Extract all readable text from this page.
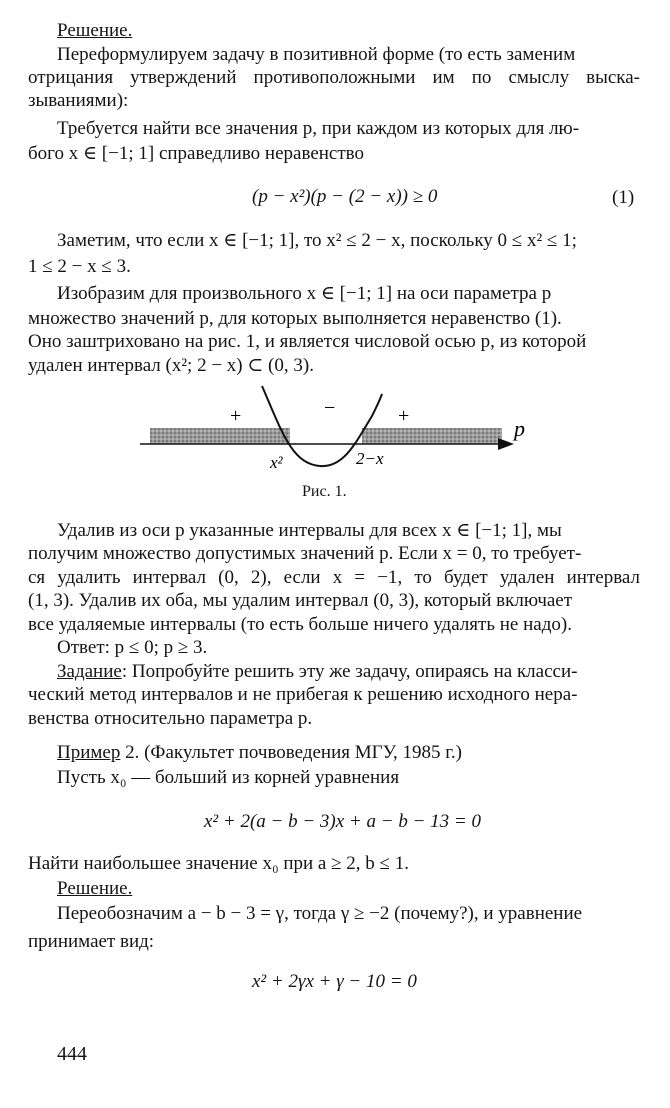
Решение.
Переформулируем задачу в позитивной форме (то есть заменим
отрицания утверждений противоположными им по смыслу выска-
зываниями):
Требуется найти все значения p, при каждом из которых для лю-
бого x ∈ [−1; 1] справедливо неравенство
(p − x²)(p − (2 − x)) ≥ 0	(1)
Заметим, что если x ∈ [−1; 1], то x² ≤ 2 − x, поскольку 0 ≤ x² ≤ 1;
1 ≤ 2 − x ≤ 3.
Изобразим для произвольного x ∈ [−1; 1] на оси параметра p
множество значений p, для которых выполняется неравенство (1).
Оно заштриховано на рис. 1, и является числовой осью p, из которой
удален интервал (x²; 2 − x) ⊂ (0, 3).
+	−	+	p
x²	2−x
Рис. 1.
Удалив из оси p указанные интервалы для всех x ∈ [−1; 1], мы
получим множество допустимых значений p. Если x = 0, то требует-
ся удалить интервал (0, 2), если x = −1, то будет удален интервал
(1, 3). Удалив их оба, мы удалим интервал (0, 3), который включает
все удаляемые интервалы (то есть больше ничего удалять не надо).
Ответ: p ≤ 0; p ≥ 3.
Задание: Попробуйте решить эту же задачу, опираясь на класси-
ческий метод интервалов и не прибегая к решению исходного нера-
венства относительно параметра p.
Пример 2. (Факультет почвоведения МГУ, 1985 г.)
Пусть x₀ — больший из корней уравнения
x² + 2(a − b − 3)x + a − b − 13 = 0
Найти наибольшее значение x₀ при a ≥ 2, b ≤ 1.
Решение.
Переобозначим a − b − 3 = γ, тогда γ ≥ −2 (почему?), и уравнение
принимает вид:
x² + 2γx + γ − 10 = 0
444
